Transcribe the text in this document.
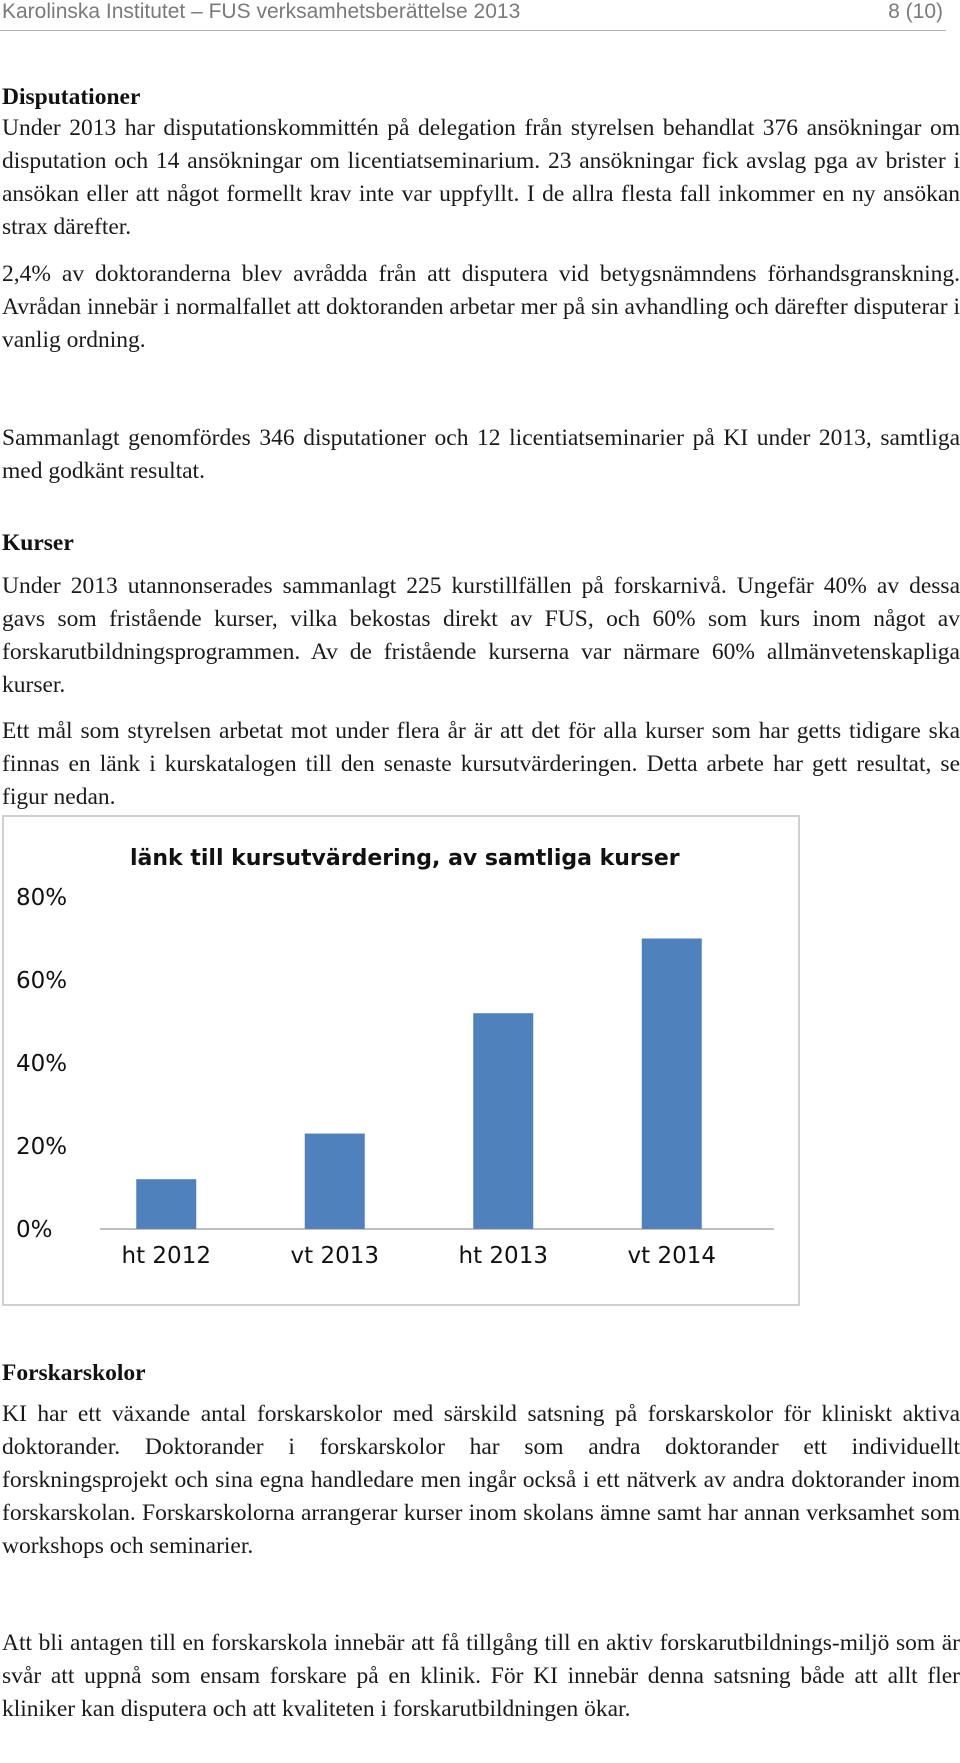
Karolinska Institutet – FUS verksamhetsberättelse 2013	8 (10)
Disputationer

Under 2013 har disputationskommittén på delegation från styrelsen behandlat 376 ansökningar om disputation och 14 ansökningar om licentiatseminarium. 23 ansökningar fick avslag pga av brister i ansökan eller att något formellt krav inte var uppfyllt. I de allra flesta fall inkommer en ny ansökan strax därefter.

2,4% av doktoranderna blev avrådda från att disputera vid betygsnämndens förhandsgranskning. Avrådan innebär i normalfallet att doktoranden arbetar mer på sin avhandling och därefter disputerar i vanlig ordning.

Sammanlagt genomfördes 346 disputationer och 12 licentiatseminarier på KI under 2013, samtliga med godkänt resultat.

Kurser

Under 2013 utannonserades sammanlagt 225 kurstillfällen på forskarnivå. Ungefär 40% av dessa gavs som fristående kurser, vilka bekostas direkt av FUS, och 60% som kurs inom något av forskarutbildningsprogrammen. Av de fristående kurserna var närmare 60% allmänvetenskapliga kurser.

Ett mål som styrelsen arbetat mot under flera år är att det för alla kurser som har getts tidigare ska finnas en länk i kurskatalogen till den senaste kursutvärderingen. Detta arbete har gett resultat, se figur nedan.

länk till kursutvärdering, av samtliga kurser
0%
20%
40%
60%
80%
ht 2012	vt 2013	ht 2013	vt 2014
Forskarskolor

KI har ett växande antal forskarskolor med särskild satsning på forskarskolor för kliniskt aktiva doktorander. Doktorander i forskarskolor har som andra doktorander ett individuellt forskningsprojekt och sina egna handledare men ingår också i ett nätverk av andra doktorander inom forskarskolan. Forskarskolorna arrangerar kurser inom skolans ämne samt har annan verksamhet som workshops och seminarier.

Att bli antagen till en forskarskola innebär att få tillgång till en aktiv forskarutbildnings-miljö som är svår att uppnå som ensam forskare på en klinik. För KI innebär denna satsning både att allt fler kliniker kan disputera och att kvaliteten i forskarutbildningen ökar.
